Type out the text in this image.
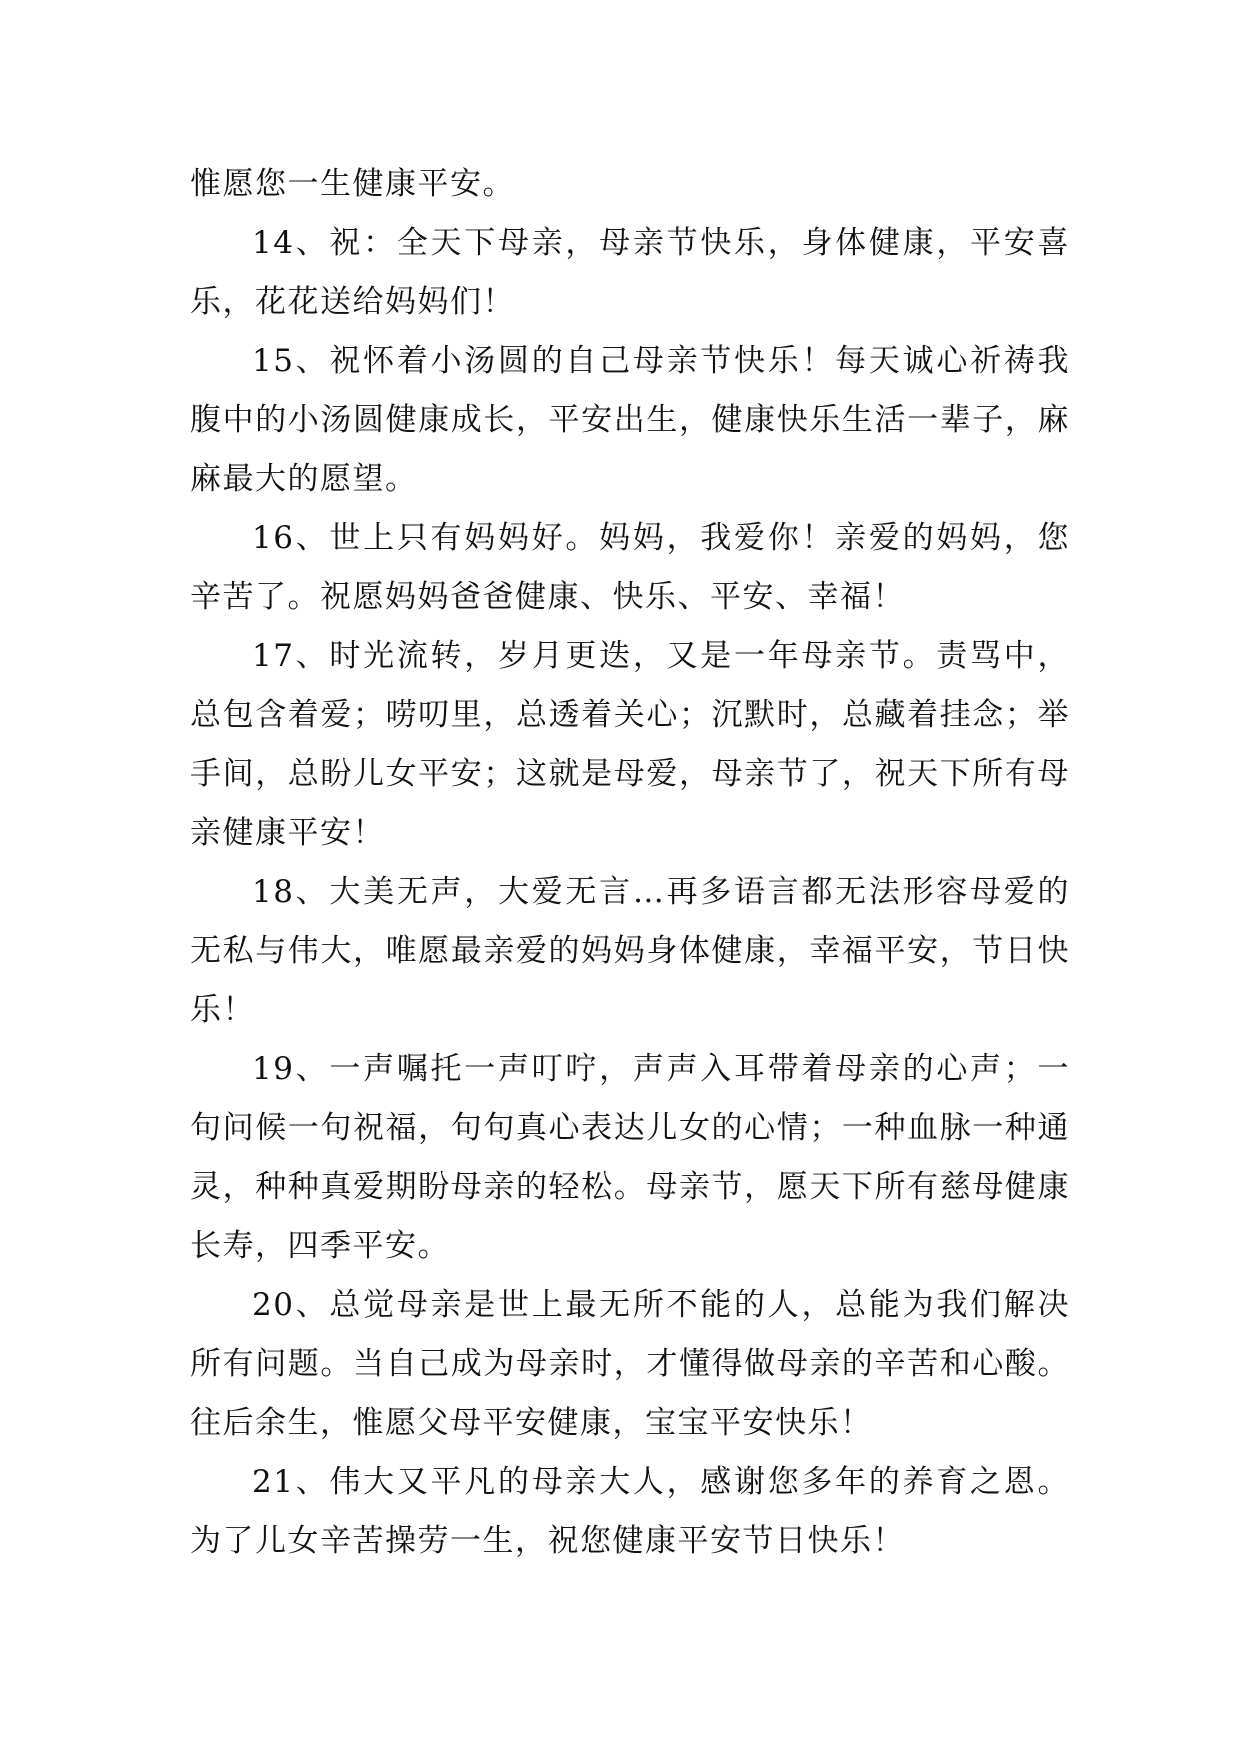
惟愿您一生健康平安。

14、祝：全天下母亲，母亲节快乐，身体健康，平安喜乐，花花送给妈妈们！

15、祝怀着小汤圆的自己母亲节快乐！每天诚心祈祷我腹中的小汤圆健康成长，平安出生，健康快乐生活一辈子，麻麻最大的愿望。

16、世上只有妈妈好。妈妈，我爱你！亲爱的妈妈，您辛苦了。祝愿妈妈爸爸健康、快乐、平安、幸福！

17、时光流转，岁月更迭，又是一年母亲节。责骂中，总包含着爱；唠叨里，总透着关心；沉默时，总藏着挂念；举手间，总盼儿女平安；这就是母爱，母亲节了，祝天下所有母亲健康平安！

18、大美无声，大爱无言…再多语言都无法形容母爱的无私与伟大，唯愿最亲爱的妈妈身体健康，幸福平安，节日快乐！

19、一声嘱托一声叮咛，声声入耳带着母亲的心声；一句问候一句祝福，句句真心表达儿女的心情；一种血脉一种通灵，种种真爱期盼母亲的轻松。母亲节，愿天下所有慈母健康长寿，四季平安。

20、总觉母亲是世上最无所不能的人，总能为我们解决所有问题。当自己成为母亲时，才懂得做母亲的辛苦和心酸。往后余生，惟愿父母平安健康，宝宝平安快乐！

21、伟大又平凡的母亲大人，感谢您多年的养育之恩。为了儿女辛苦操劳一生，祝您健康平安节日快乐！
